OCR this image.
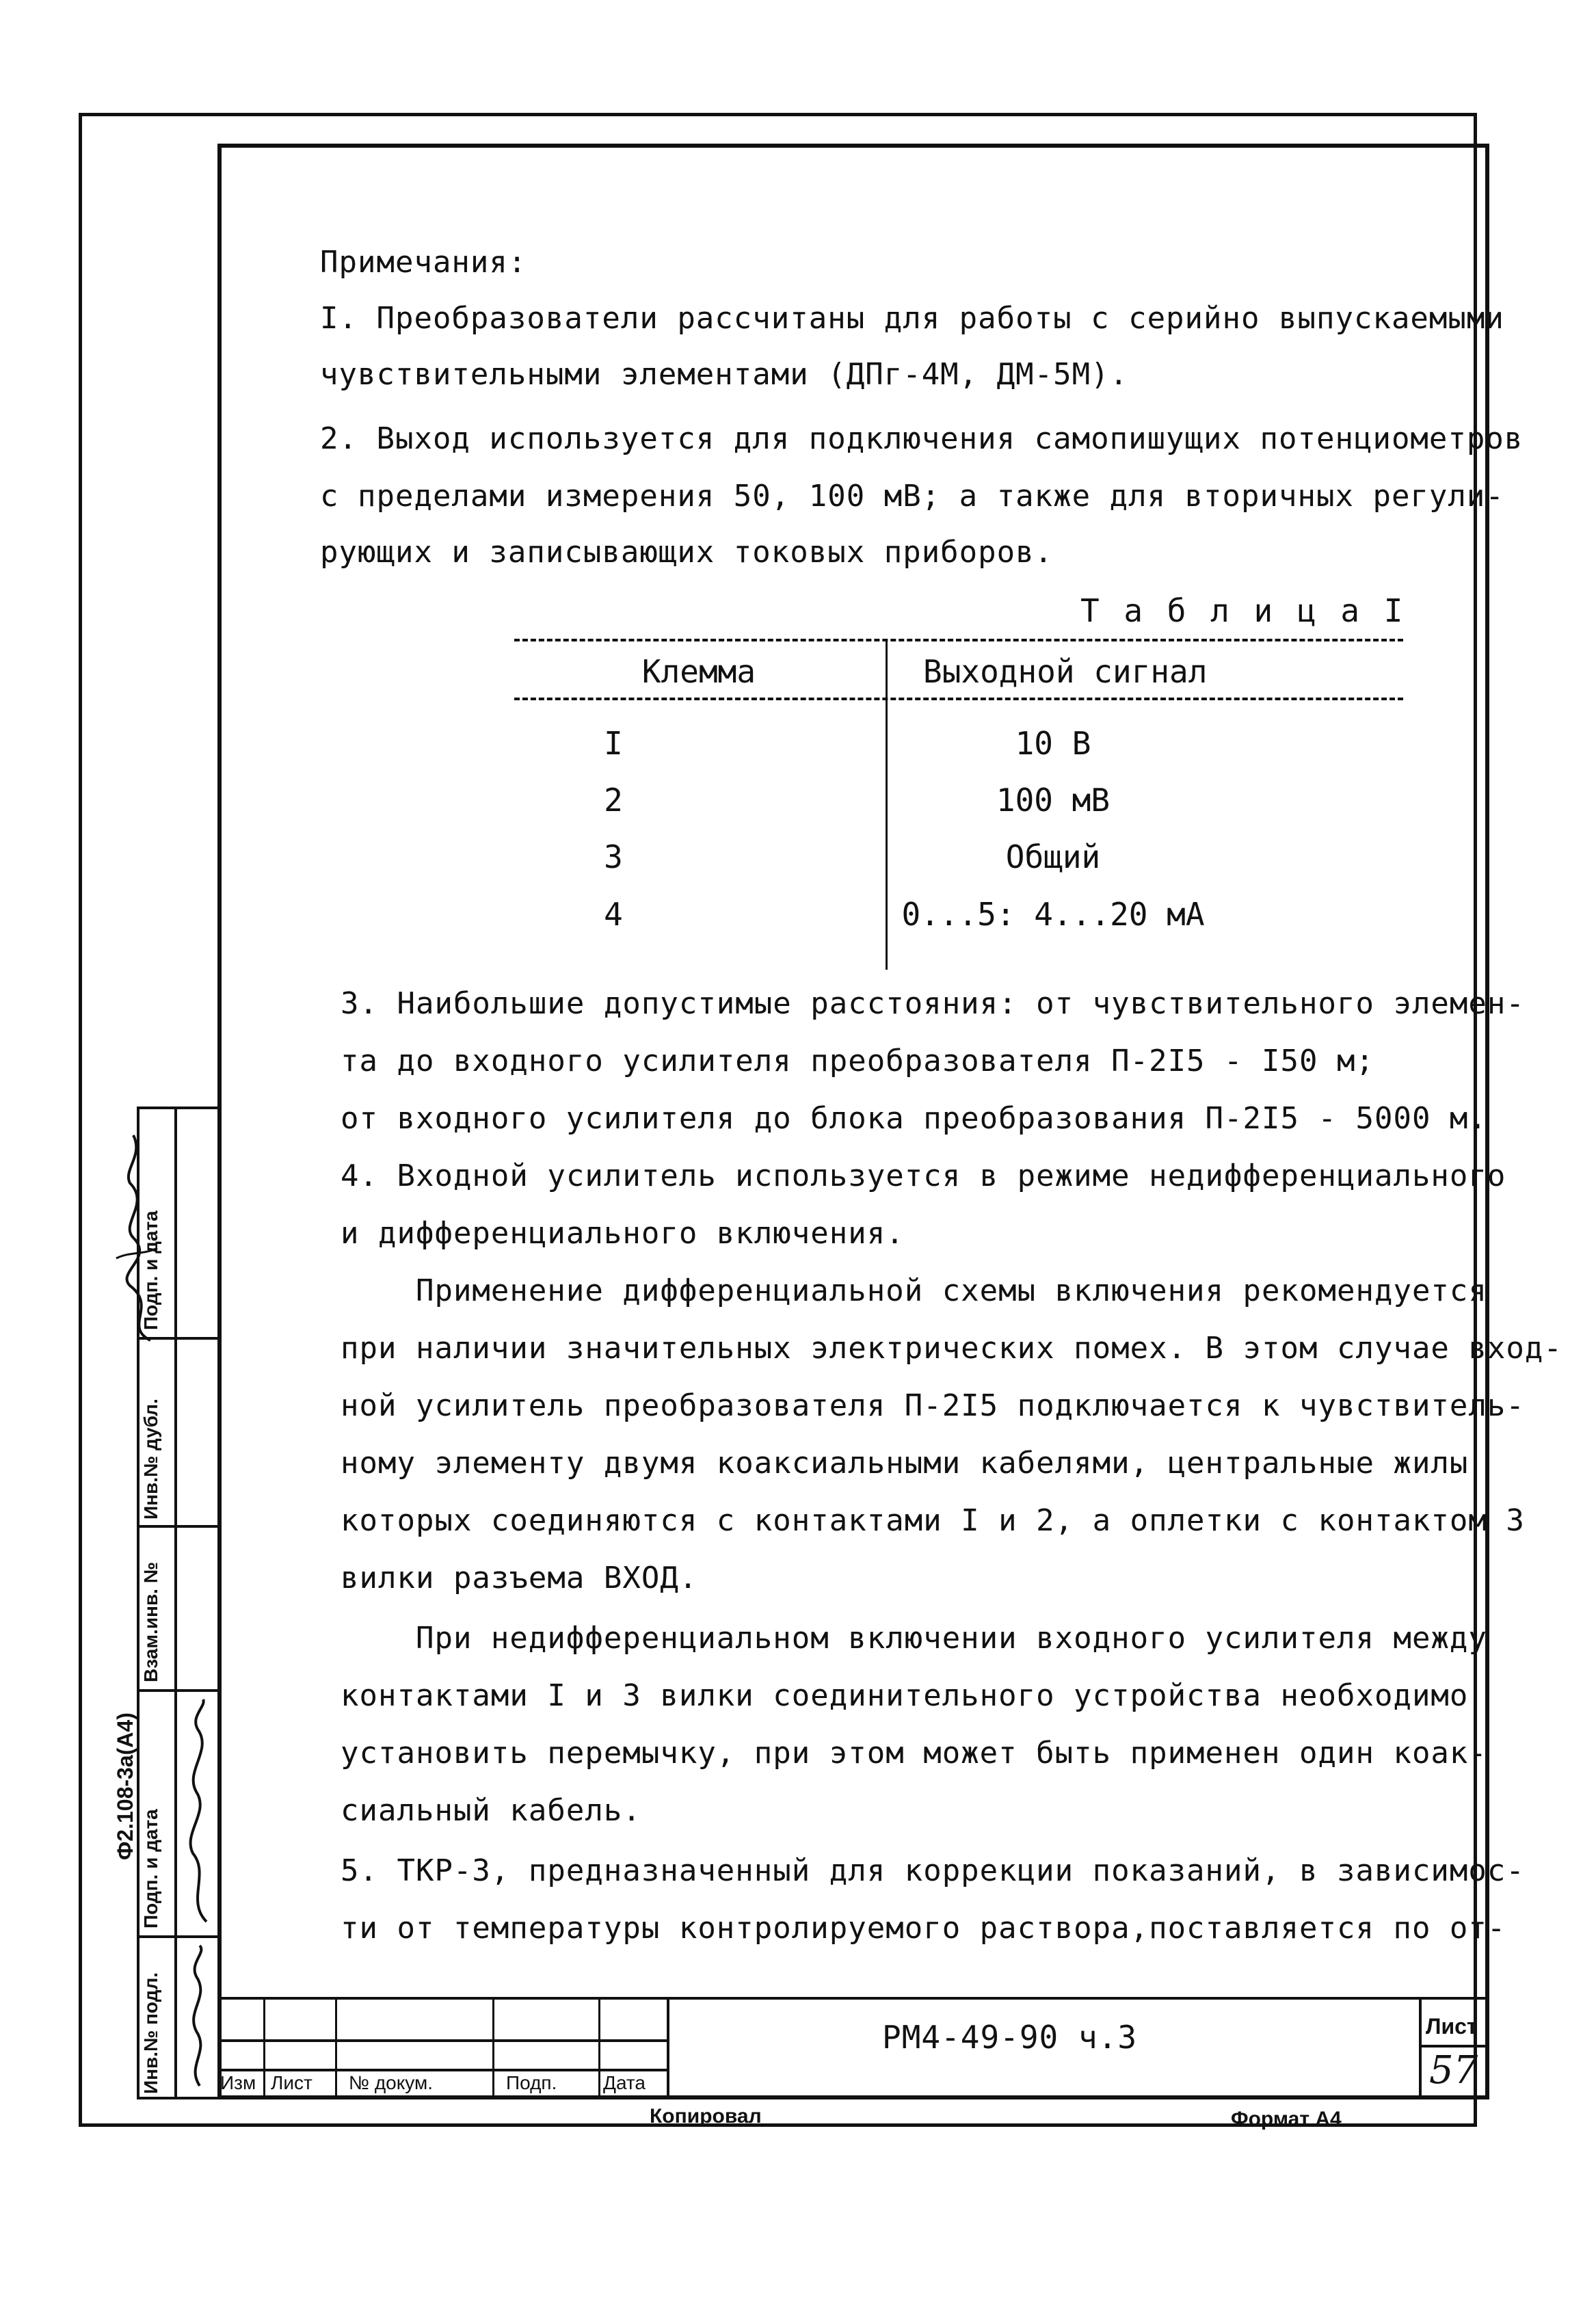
Примечания:
I. Преобразователи рассчитаны для работы с серийно выпускаемыми
чувствительными элементами (ДПг-4М, ДМ-5М).
2. Выход используется для подключения самопишущих потенциометров
с пределами измерения 50, 100 мВ; а также для вторичных регули-
рующих и записывающих токовых приборов.
Т а б л и ц а I
Клемма	Выходной сигнал
I	10 В
2	100 мВ
3	Общий
4	0...5: 4...20 мА
3. Наибольшие допустимые расстояния: от чувствительного элемен-
та до входного усилителя преобразователя П-2I5 - I50 м;
от входного усилителя до блока преобразования П-2I5 - 5000 м.
4. Входной усилитель используется в режиме недифференциального
и дифференциального включения.
Применение дифференциальной схемы включения рекомендуется
при наличии значительных электрических помех. В этом случае вход-
ной усилитель преобразователя П-2I5 подключается к чувствитель-
ному элементу двумя коаксиальными кабелями, центральные жилы
которых соединяются с контактами I и 2, а оплетки с контактом 3
вилки разъема ВХОД.
При недифференциальном включении входного усилителя между
контактами I и 3 вилки соединительного устройства необходимо
установить перемычку, при этом может быть применен один коак-
сиальный кабель.
5. ТКР-3, предназначенный для коррекции показаний, в зависимос-
ти от температуры контролируемого раствора,поставляется по от-
Изм Лист № докум.	Подп. Дата
РМ4-49-90 ч.3	Лист
57
Инв.№ подл.
Подп. и дата
Взам.инв. №
Инв.№ дубл.
Подп. и дата
Ф2.108-3а(А4)
Копировал	Формат А4
